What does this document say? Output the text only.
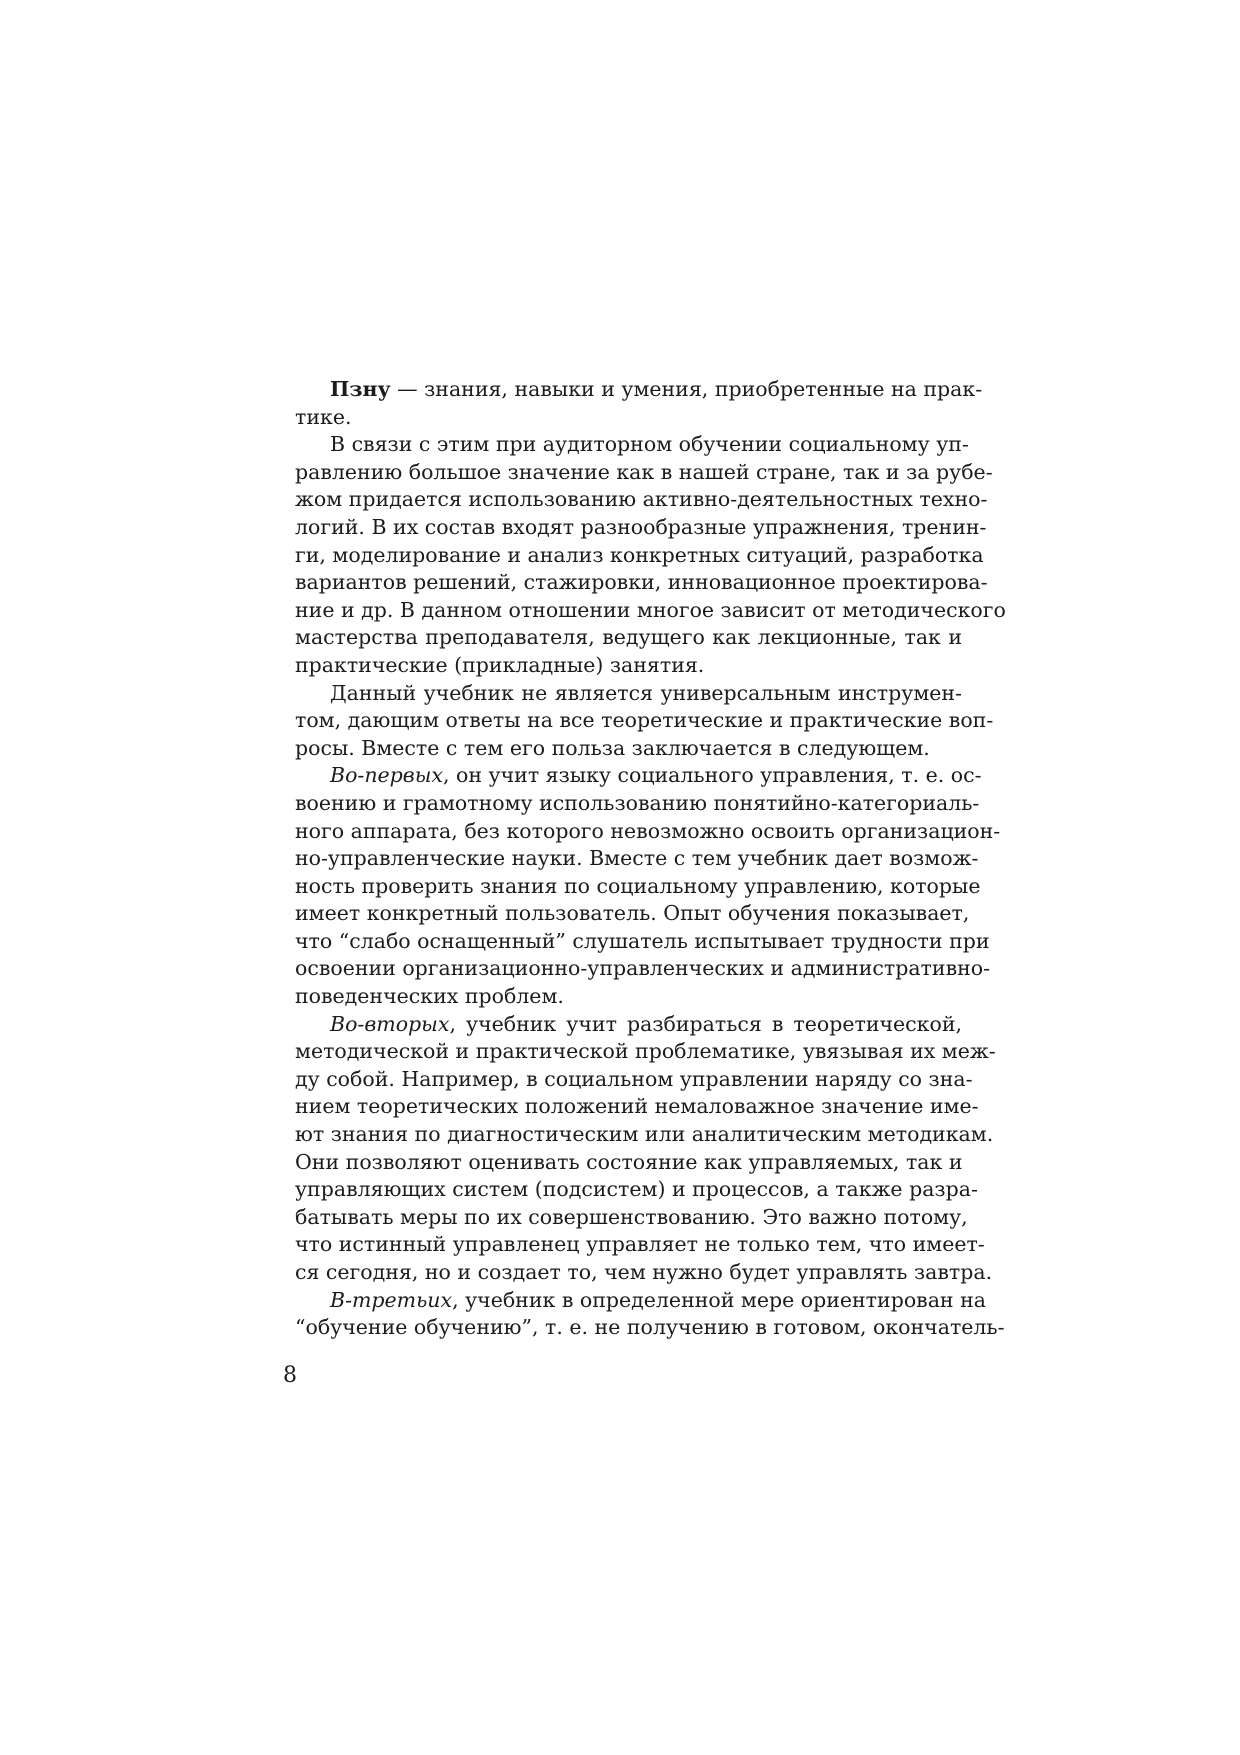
Пзну — знания, навыки и умения, приобретенные на прак-
тике.
В связи с этим при аудиторном обучении социальному уп-
равлению большое значение как в нашей стране, так и за рубе-
жом придается использованию активно-деятельностных техно-
логий. В их состав входят разнообразные упражнения, тренин-
ги, моделирование и анализ конкретных ситуаций, разработка
вариантов решений, стажировки, инновационное проектирова-
ние и др. В данном отношении многое зависит от методического
мастерства преподавателя, ведущего как лекционные, так и
практические (прикладные) занятия.
Данный учебник не является универсальным инструмен-
том, дающим ответы на все теоретические и практические воп-
росы. Вместе с тем его польза заключается в следующем.
Во-первых, он учит языку социального управления, т. е. ос-
воению и грамотному использованию понятийно-категориаль-
ного аппарата, без которого невозможно освоить организацион-
но-управленческие науки. Вместе с тем учебник дает возмож-
ность проверить знания по социальному управлению, которые
имеет конкретный пользователь. Опыт обучения показывает,
что “слабо оснащенный” слушатель испытывает трудности при
освоении организационно-управленческих и административно-
поведенческих проблем.
Во-вторых, учебник учит разбираться в теоретической,
методической и практической проблематике, увязывая их меж-
ду собой. Например, в социальном управлении наряду со зна-
нием теоретических положений немаловажное значение име-
ют знания по диагностическим или аналитическим методикам.
Они позволяют оценивать состояние как управляемых, так и
управляющих систем (подсистем) и процессов, а также разра-
батывать меры по их совершенствованию. Это важно потому,
что истинный управленец управляет не только тем, что имеет-
ся сегодня, но и создает то, чем нужно будет управлять завтра.
В-третьих, учебник в определенной мере ориентирован на
“обучение обучению”, т. е. не получению в готовом, окончатель-
8
